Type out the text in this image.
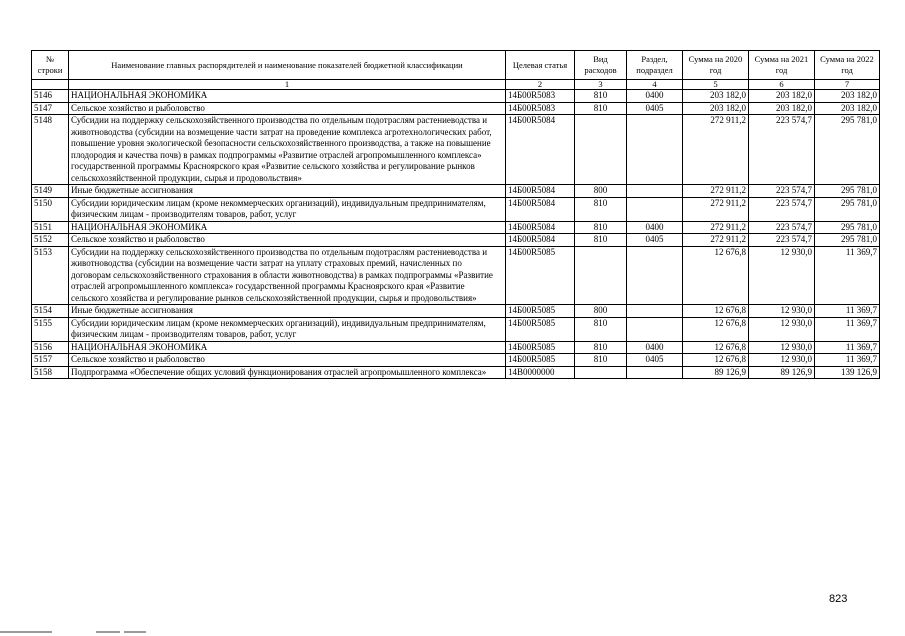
№ строки	Наименование главных распорядителей и наименование показателей бюджетной классификации	Целевая статья	Вид расходов	Раздел, подраздел	Сумма на 2020 год	Сумма на 2021 год	Сумма на 2022 год
	1	2	3	4	5	6	7
5146	НАЦИОНАЛЬНАЯ ЭКОНОМИКА	14Б00R5083	810	0400	203 182,0	203 182,0	203 182,0
5147	Сельское хозяйство и рыболовство	14Б00R5083	810	0405	203 182,0	203 182,0	203 182,0
5148	Субсидии на поддержку сельскохозяйственного производства по отдельным подотраслям растениеводства и животноводства (субсидии на возмещение части затрат на проведение комплекса агротехнологических работ, повышение уровня экологической безопасности сельскохозяйственного производства, а также на повышение плодородия и качества почв) в рамках подпрограммы «Развитие отраслей агропромышленного комплекса» государственной программы Красноярского края «Развитие сельского хозяйства и регулирование рынков сельскохозяйственной продукции, сырья и продовольствия»	14Б00R5084			272 911,2	223 574,7	295 781,0
5149	Иные бюджетные ассигнования	14Б00R5084	800		272 911,2	223 574,7	295 781,0
5150	Субсидии юридическим лицам (кроме некоммерческих организаций), индивидуальным предпринимателям, физическим лицам - производителям товаров, работ, услуг	14Б00R5084	810		272 911,2	223 574,7	295 781,0
5151	НАЦИОНАЛЬНАЯ ЭКОНОМИКА	14Б00R5084	810	0400	272 911,2	223 574,7	295 781,0
5152	Сельское хозяйство и рыболовство	14Б00R5084	810	0405	272 911,2	223 574,7	295 781,0
5153	Субсидии на поддержку сельскохозяйственного производства по отдельным подотраслям растениеводства и животноводства (субсидии на возмещение части затрат на уплату страховых премий, начисленных по договорам сельскохозяйственного страхования в области животноводства) в рамках подпрограммы «Развитие отраслей агропромышленного комплекса» государственной программы Красноярского края «Развитие сельского хозяйства и регулирование рынков сельскохозяйственной продукции, сырья и продовольствия»	14Б00R5085			12 676,8	12 930,0	11 369,7
5154	Иные бюджетные ассигнования	14Б00R5085	800		12 676,8	12 930,0	11 369,7
5155	Субсидии юридическим лицам (кроме некоммерческих организаций), индивидуальным предпринимателям, физическим лицам - производителям товаров, работ, услуг	14Б00R5085	810		12 676,8	12 930,0	11 369,7
5156	НАЦИОНАЛЬНАЯ ЭКОНОМИКА	14Б00R5085	810	0400	12 676,8	12 930,0	11 369,7
5157	Сельское хозяйство и рыболовство	14Б00R5085	810	0405	12 676,8	12 930,0	11 369,7
5158	Подпрограмма «Обеспечение общих условий функционирования отраслей агропромышленного комплекса»	14В0000000			89 126,9	89 126,9	139 126,9
823
